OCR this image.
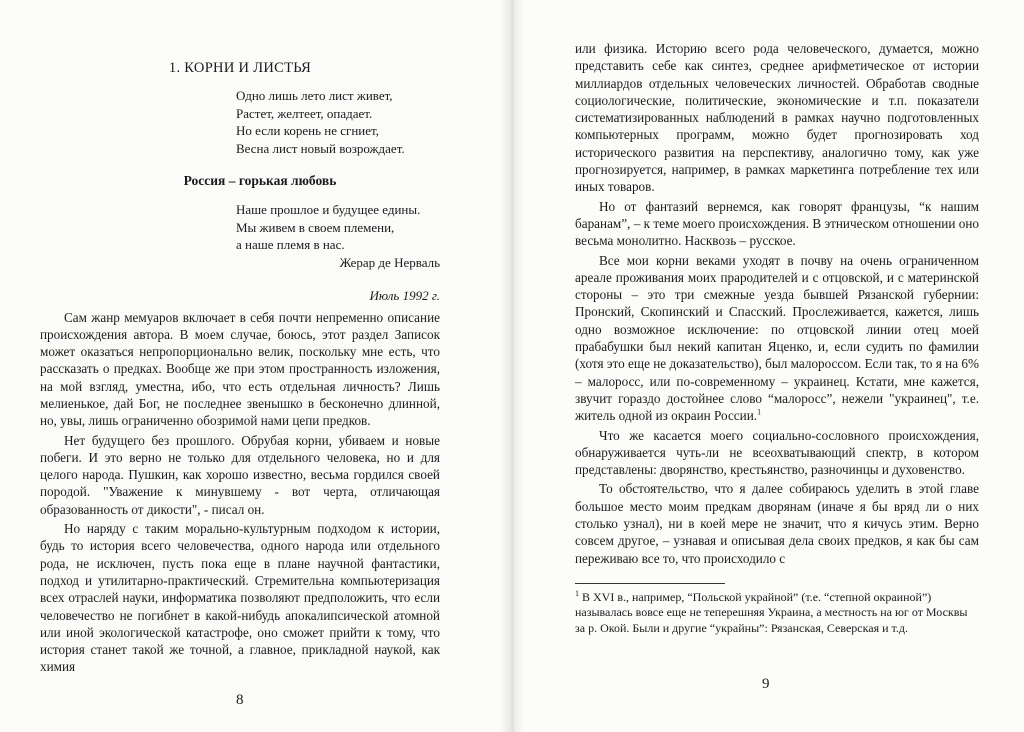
1. КОРНИ И ЛИСТЬЯ
Одно лишь лето лист живет,
Растет, желтеет, опадает.
Но если корень не сгниет,
Весна лист новый возрождает.
Россия – горькая любовь
Наше прошлое и будущее едины.
Мы живем в своем племени,
а наше племя в нас.
Жерар де Нерваль
Июль 1992 г.

Сам жанр мемуаров включает в себя почти непременно описание происхождения автора. В моем случае, боюсь, этот раздел Записок может оказаться непропорционально велик, поскольку мне есть, что рассказать о предках. Вообще же при этом пространность изложения, на мой взгляд, уместна, ибо, что есть отдельная личность? Лишь мелиенькое, дай Бог, не последнее звенышко в бесконечно длинной, но, увы, лишь ограниченно обозримой нами цепи предков.

Нет будущего без прошлого. Обрубая корни, убиваем и новые побеги. И это верно не только для отдельного человека, но и для целого народа. Пушкин, как хорошо известно, весьма гордился своей породой. "Уважение к минувшему - вот черта, отличающая образованность от дикости", - писал он.

Но наряду с таким морально-культурным подходом к истории, будь то история всего человечества, одного народа или отдельного рода, не исключен, пусть пока еще в плане научной фантастики, подход и утилитарно-практический. Стремительна компьютеризация всех отраслей науки, информатика позволяют предположить, что если человечество не погибнет в какой-нибудь апокалипсической атомной или иной экологической катастрофе, оно сможет прийти к тому, что история станет такой же точной, а главное, прикладной наукой, как химия

8

или физика. Историю всего рода человеческого, думается, можно представить себе как синтез, среднее арифметическое от истории миллиардов отдельных человеческих личностей. Обработав сводные социологические, политические, экономические и т.п. показатели систематизированных наблюдений в рамках научно подготовленных компьютерных программ, можно будет прогнозировать ход исторического развития на перспективу, аналогично тому, как уже прогнозируется, например, в рамках маркетинга потребление тех или иных товаров.

Но от фантазий вернемся, как говорят французы, “к нашим баранам”, – к теме моего происхождения. В этническом отношении оно весьма монолитно. Насквозь – русское.

Все мои корни веками уходят в почву на очень ограниченном ареале проживания моих прародителей и с отцовской, и с материнской стороны – это три смежные уезда бывшей Рязанской губернии: Пронский, Скопинский и Спасский. Прослеживается, кажется, лишь одно возможное исключение: по отцовской линии отец моей прабабушки был некий капитан Яценко, и, если судить по фамилии (хотя это еще не доказательство), был малороссом. Если так, то я на 6% – малоросс, или по-современному – украинец. Кстати, мне кажется, звучит гораздо достойнее слово “малоросс”, нежели "украинец", т.е. житель одной из окраин России.$^1$

Что же касается моего социально-сословного происхождения, обнаруживается чуть-ли не всеохватывающий спектр, в котором представлены: дворянство, крестьянство, разночинцы и духовенство.

То обстоятельство, что я далее собираюсь уделить в этой главе большое место моим предкам дворянам (иначе я бы вряд ли о них столько узнал), ни в коей мере не значит, что я кичусь этим. Верно совсем другое, – узнавая и описывая дела своих предков, я как бы сам переживаю все то, что происходило с

$^1$ В XVI в., например, “Польской украйной” (т.е. “степной окраиной”) называлась вовсе еще не теперешняя Украина, а местность на юг от Москвы за р. Окой. Были и другие “украйны”: Рязанская, Северская и т.д.
9
